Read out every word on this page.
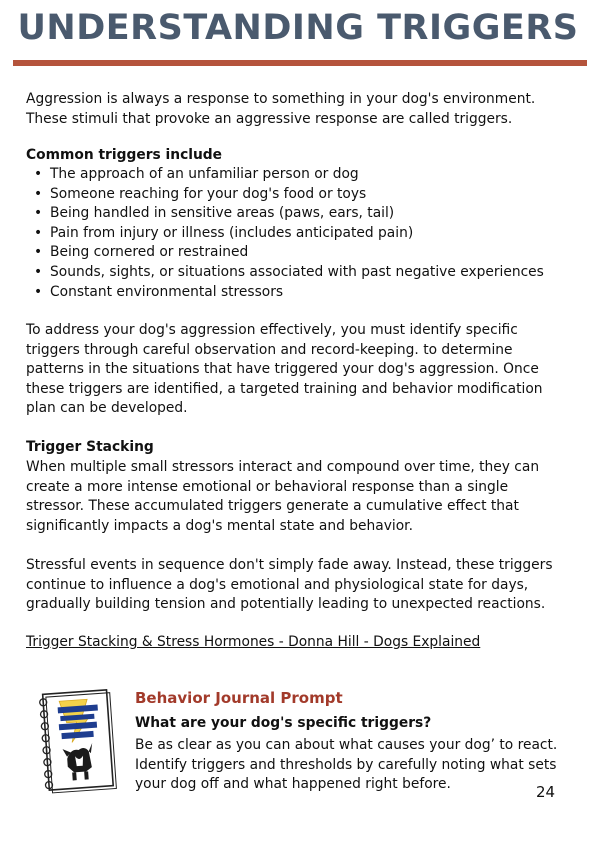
UNDERSTANDING TRIGGERS

Aggression is always a response to something in your dog's environment. These stimuli that provoke an aggressive response are called triggers.

Common triggers include

• The approach of an unfamiliar person or dog
• Someone reaching for your dog's food or toys
• Being handled in sensitive areas (paws, ears, tail)
• Pain from injury or illness (includes anticipated pain)
• Being cornered or restrained
• Sounds, sights, or situations associated with past negative experiences
• Constant environmental stressors

To address your dog's aggression effectively, you must identify specific triggers through careful observation and record-keeping. to determine patterns in the situations that have triggered your dog's aggression. Once these triggers are identified, a targeted training and behavior modification plan can be developed.

Trigger Stacking

When multiple small stressors interact and compound over time, they can create a more intense emotional or behavioral response than a single stressor. These accumulated triggers generate a cumulative effect that significantly impacts a dog's mental state and behavior.

Stressful events in sequence don't simply fade away. Instead, these triggers continue to influence a dog's emotional and physiological state for days, gradually building tension and potentially leading to unexpected reactions.

Trigger Stacking & Stress Hormones - Donna Hill - Dogs Explained

Behavior Journal Prompt

What are your dog's specific triggers?

Be as clear as you can about what causes your dog’ to react. Identify triggers and thresholds by carefully noting what sets your dog off and what happened right before.	24
